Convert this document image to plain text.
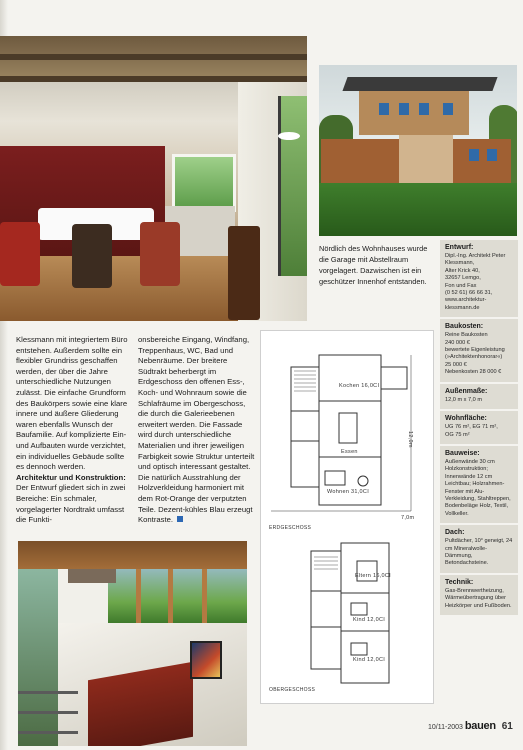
Nördlich des Wohnhauses wurde die Garage mit Abstellraum vorgelagert. Dazwischen ist ein geschützer Innenhof entstanden.
Entwurf:
Dipl.-Ing. Architekt Peter Klessmann,
Alter Krick 40,
32657 Lemgo,
Fon und Fax
(0 52 61) 66 66 31,
www.architektur-klessmann.de
Baukosten:
Reine Baukosten
240 000 €
bewertete Eigenleistung
(»Architektenhonorar«)
25 000 €
Nebenkosten 28 000 €
Außenmaße:
12,0 m x 7,0 m
Wohnfläche:
UG 76 m², EG 71 m²,
OG 75 m²
Bauweise:
Außenwände 30 cm Holzkonstruktion; Innenwände 12 cm Leichtbau; Holzrahmen-Fenster mit Alu-Verkleidung, Stahltreppen, Bodenbeläge Holz, Textil, Vollkeller.
Dach:
Pultdächer, 10° geneigt, 24 cm Mineralwolle-Dämmung, Betondachsteine.
Technik:
Gas-Brennwertheizung, Wärmeübertragung über Heizkörper und Fußboden.

Klessmann mit integriertem Büro entstehen. Außerdem sollte ein flexibler Grundriss geschaffen werden, der über die Jahre unterschiedliche Nutzungen zulässt. Die einfache Grundform des Baukörpers sowie eine klare innere und äußere Gliederung waren ebenfalls Wunsch der Baufamilie. Auf komplizierte Ein- und Aufbauten wurde verzichtet, ein individuelles Gebäude sollte es dennoch werden.
Architektur und Konstruktion:
Der Entwurf gliedert sich in zwei Bereiche: Ein schmaler, vorgelagerter Nordtrakt umfasst die Funkti-

onsbereiche Eingang, Windfang, Treppenhaus, WC, Bad und Nebenräume. Der breitere Südtrakt beherbergt im Erdgeschoss den offenen Ess-, Koch- und Wohnraum sowie die Schlafräume im Obergeschoss, die durch die Galerieebenen erweitert werden. Die Fassade wird durch unterschiedliche Materialien und ihrer jeweiligen Farbigkeit sowie Struktur unterteilt und optisch interessant gestaltet. Die natürlich Ausstrahlung der Holzverkleidung harmoniert mit dem Rot-Orange der verputzten Teile. Dezent-kühles Blau erzeugt Kontraste.

Kochen 16,0CI
Essen
Wohnen 31,0CI
12,0m
7,0m
ERDGESCHOSS
Eltern 16,0CI
Kind 12,0CI
Kind 12,0CI
OBERGESCHOSS
10/11-2003 bauen 61
